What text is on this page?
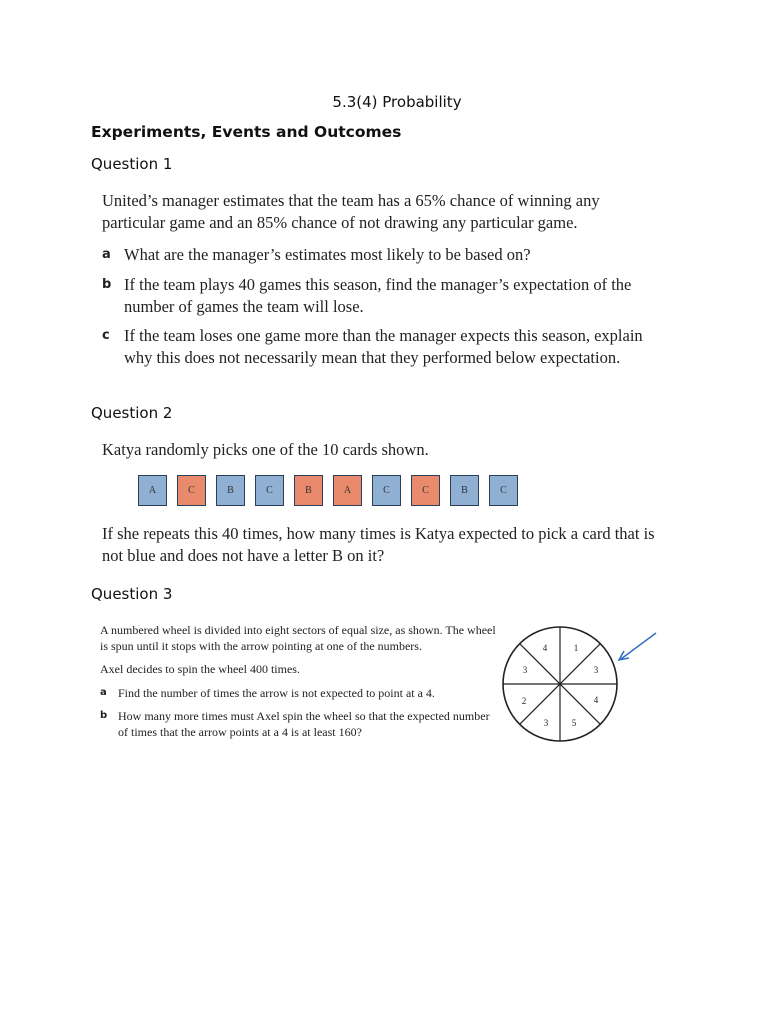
5.3(4) Probability
Experiments, Events and Outcomes
Question 1
United’s manager estimates that the team has a 65% chance of winning any particular game and an 85% chance of not drawing any particular game.
a What are the manager’s estimates most likely to be based on?
b If the team plays 40 games this season, find the manager’s expectation of the number of games the team will lose.
c If the team loses one game more than the manager expects this season, explain why this does not necessarily mean that they performed below expectation.
Question 2
Katya randomly picks one of the 10 cards shown.
A	C	B	C	B	A	C	C	B	C
If she repeats this 40 times, how many times is Katya expected to pick a card that is not blue and does not have a letter B on it?
Question 3
A numbered wheel is divided into eight sectors of equal size, as shown. The wheel is spun until it stops with the arrow pointing at one of the numbers.
Axel decides to spin the wheel 400 times.
a Find the number of times the arrow is not expected to point at a 4.
b How many more times must Axel spin the wheel so that the expected number of times that the arrow points at a 4 is at least 160?
1
3
4
5
3
2
3
4
